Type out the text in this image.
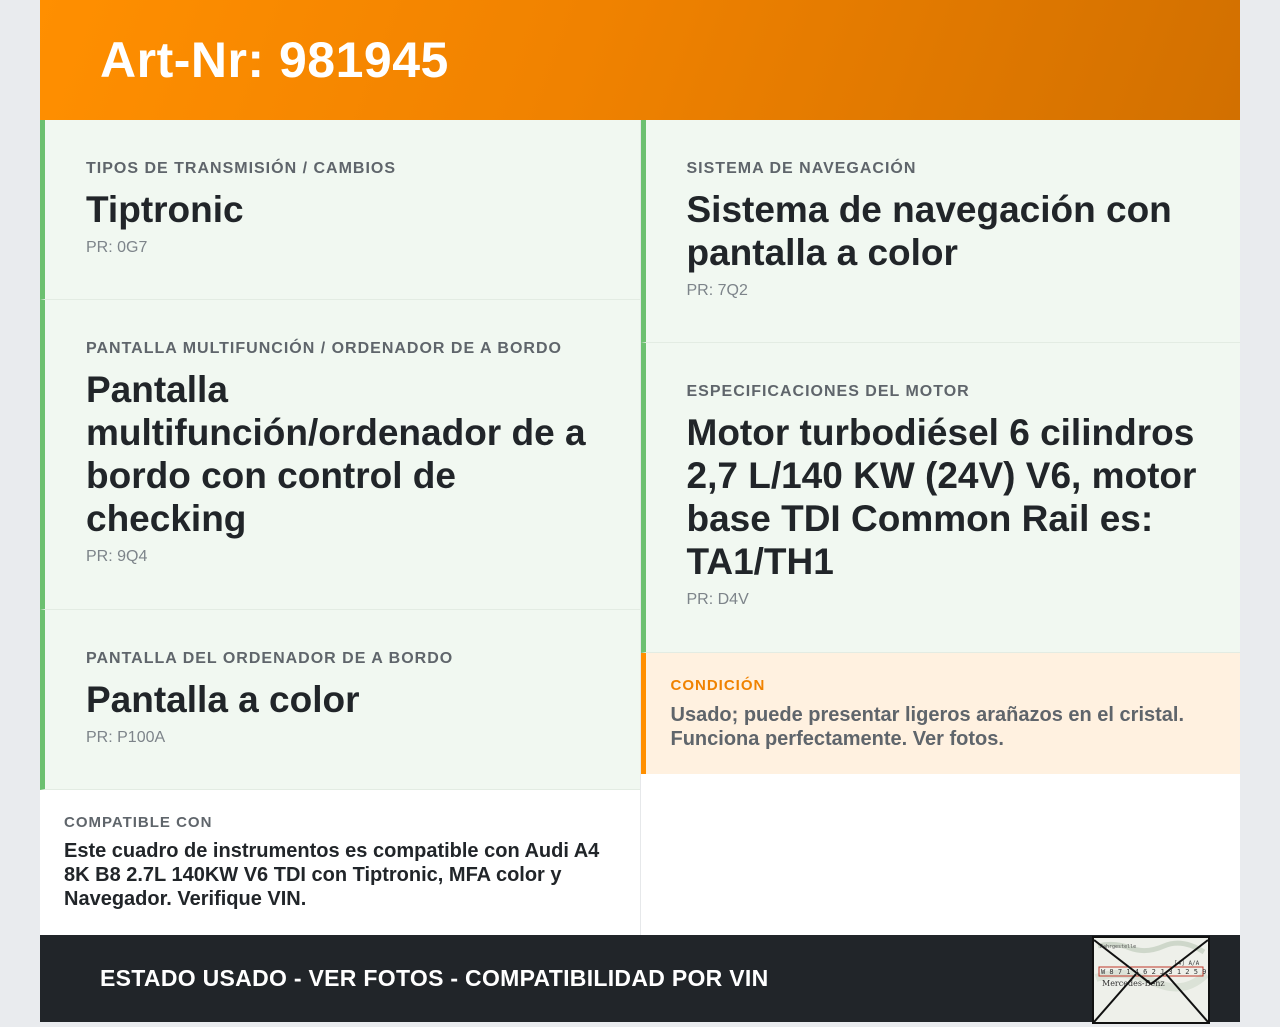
Art-Nr: 981945
TIPOS DE TRANSMISIÓN / CAMBIOS
Tiptronic
PR: 0G7
PANTALLA MULTIFUNCIÓN / ORDENADOR DE A BORDO
Pantalla multifunción/ordenador de a bordo con control de checking
PR: 9Q4
PANTALLA DEL ORDENADOR DE A BORDO
Pantalla a color
PR: P100A
COMPATIBLE CON
Este cuadro de instrumentos es compatible con Audi A4 8K B8 2.7L 140KW V6 TDI con Tiptronic, MFA color y Navegador. Verifique VIN.
SISTEMA DE NAVEGACIÓN
Sistema de navegación con pantalla a color
PR: 7Q2
ESPECIFICACIONES DEL MOTOR
Motor turbodiésel 6 cilindros 2,7 L/140 KW (24V) V6, motor base TDI Common Rail es: TA1/TH1
PR: D4V
CONDICIÓN
Usado; puede presentar ligeros arañazos en el cristal. Funciona perfectamente. Ver fotos.
ESTADO USADO - VER FOTOS - COMPATIBILIDAD POR VIN
Fahrgestelle
[4] A/A
W 8 7 1 4 6 2 J 3 1 2 5 9
Mercedes-Benz
